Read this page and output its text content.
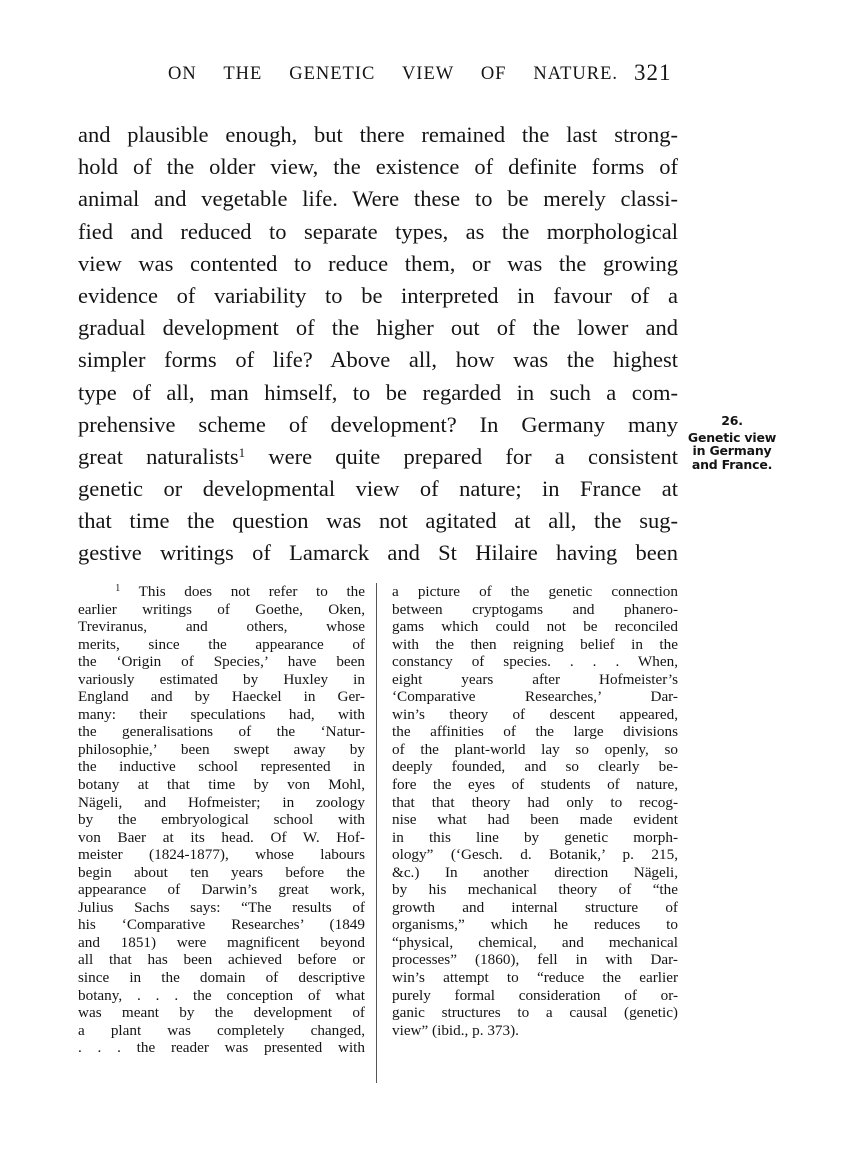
ON THE GENETIC VIEW OF NATURE. 321
and plausible enough, but there remained the last strong-
hold of the older view, the existence of definite forms of
animal and vegetable life. Were these to be merely classi-
fied and reduced to separate types, as the morphological
view was contented to reduce them, or was the growing
evidence of variability to be interpreted in favour of a
gradual development of the higher out of the lower and
simpler forms of life? Above all, how was the highest
type of all, man himself, to be regarded in such a com-
prehensive scheme of development? In Germany many
great naturalists$^1$ were quite prepared for a consistent
genetic or developmental view of nature; in France at
that time the question was not agitated at all, the sug-
gestive writings of Lamarck and St Hilaire having been
26.
Genetic view
in Germany
and France.
$^1$ This does not refer to the
earlier writings of Goethe, Oken,
Treviranus, and others, whose
merits, since the appearance of
the ‘Origin of Species,’ have been
variously estimated by Huxley in
England and by Haeckel in Ger-
many: their speculations had, with
the generalisations of the ‘Natur-
philosophie,’ been swept away by
the inductive school represented in
botany at that time by von Mohl,
Nägeli, and Hofmeister; in zoology
by the embryological school with
von Baer at its head. Of W. Hof-
meister (1824-1877), whose labours
begin about ten years before the
appearance of Darwin’s great work,
Julius Sachs says: “The results of
his ‘Comparative Researches’ (1849
and 1851) were magnificent beyond
all that has been achieved before or
since in the domain of descriptive
botany, . . . the conception of what
was meant by the development of
a plant was completely changed,
. . . the reader was presented with
a picture of the genetic connection
between cryptogams and phanero-
gams which could not be reconciled
with the then reigning belief in the
constancy of species. . . . When,
eight years after Hofmeister’s
‘Comparative Researches,’ Dar-
win’s theory of descent appeared,
the affinities of the large divisions
of the plant-world lay so openly, so
deeply founded, and so clearly be-
fore the eyes of students of nature,
that that theory had only to recog-
nise what had been made evident
in this line by genetic morph-
ology” (‘Gesch. d. Botanik,’ p. 215,
&c.) In another direction Nägeli,
by his mechanical theory of “the
growth and internal structure of
organisms,” which he reduces to
“physical, chemical, and mechanical
processes” (1860), fell in with Dar-
win’s attempt to “reduce the earlier
purely formal consideration of or-
ganic structures to a causal (genetic)
view” (ibid., p. 373).
